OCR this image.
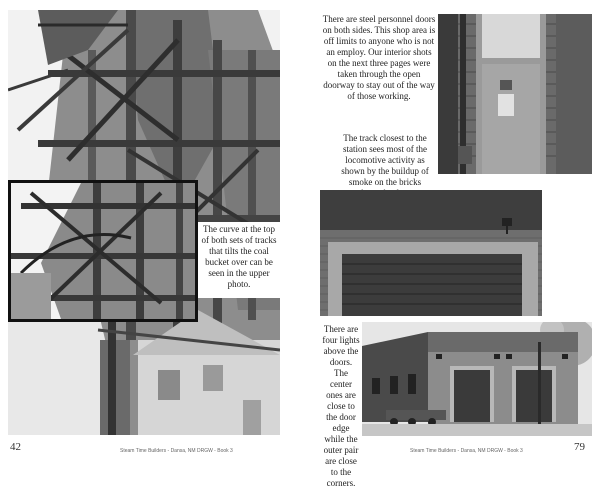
The curve at the top of both sets of tracks that tilts the coal bucket over can be seen in the upper photo.
42	Steam Time Builders - Dansa, NM DRGW - Book 3
There are steel personnel doors on both sides. This shop area is off limits to anyone who is not an employ. Our interior shots on the next three pages were taken through the open doorway to stay out of the way of those working.
The track closest to the station sees most of the locomotive activity as shown by the buildup of smoke on the bricks
There are four lights above the doors. The center ones are close to the door edge while the outer pair are close to the corners.
79
Steam Time Builders - Dansa, NM DRGW - Book 3
